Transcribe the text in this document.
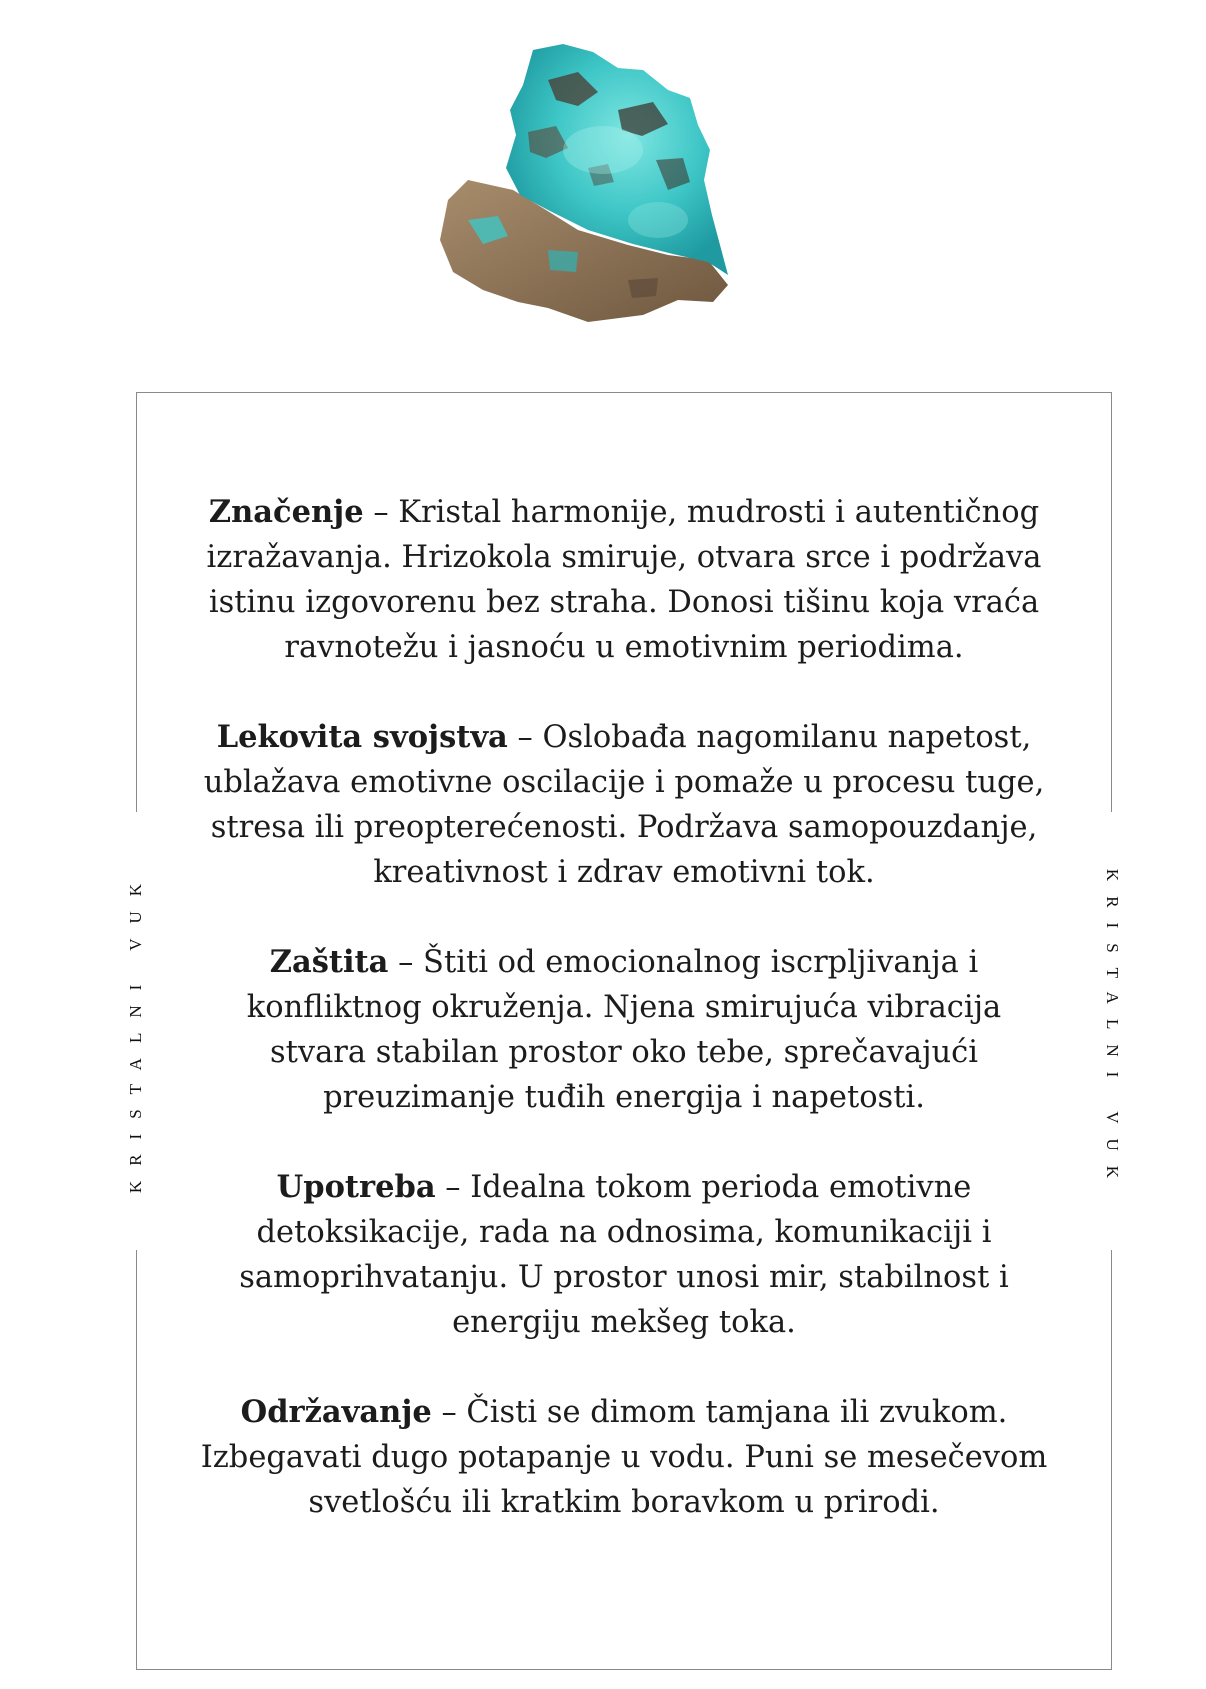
KRISTALNI VUK	KRISTALNI VUK

Značenje – Kristal harmonije, mudrosti i autentičnog izražavanja. Hrizokola smiruje, otvara srce i podržava istinu izgovorenu bez straha. Donosi tišinu koja vraća ravnotežu i jasnoću u emotivnim periodima.

Lekovita svojstva – Oslobađa nagomilanu napetost, ublažava emotivne oscilacije i pomaže u procesu tuge, stresa ili preopterećenosti. Podržava samopouzdanje, kreativnost i zdrav emotivni tok.

Zaštita – Štiti od emocionalnog iscrpljivanja i konfliktnog okruženja. Njena smirujuća vibracija stvara stabilan prostor oko tebe, sprečavajući preuzimanje tuđih energija i napetosti.

Upotreba – Idealna tokom perioda emotivne detoksikacije, rada na odnosima, komunikaciji i samoprihvatanju. U prostor unosi mir, stabilnost i energiju mekšeg toka.

Održavanje – Čisti se dimom tamjana ili zvukom. Izbegavati dugo potapanje u vodu. Puni se mesečevom svetlošću ili kratkim boravkom u prirodi.
